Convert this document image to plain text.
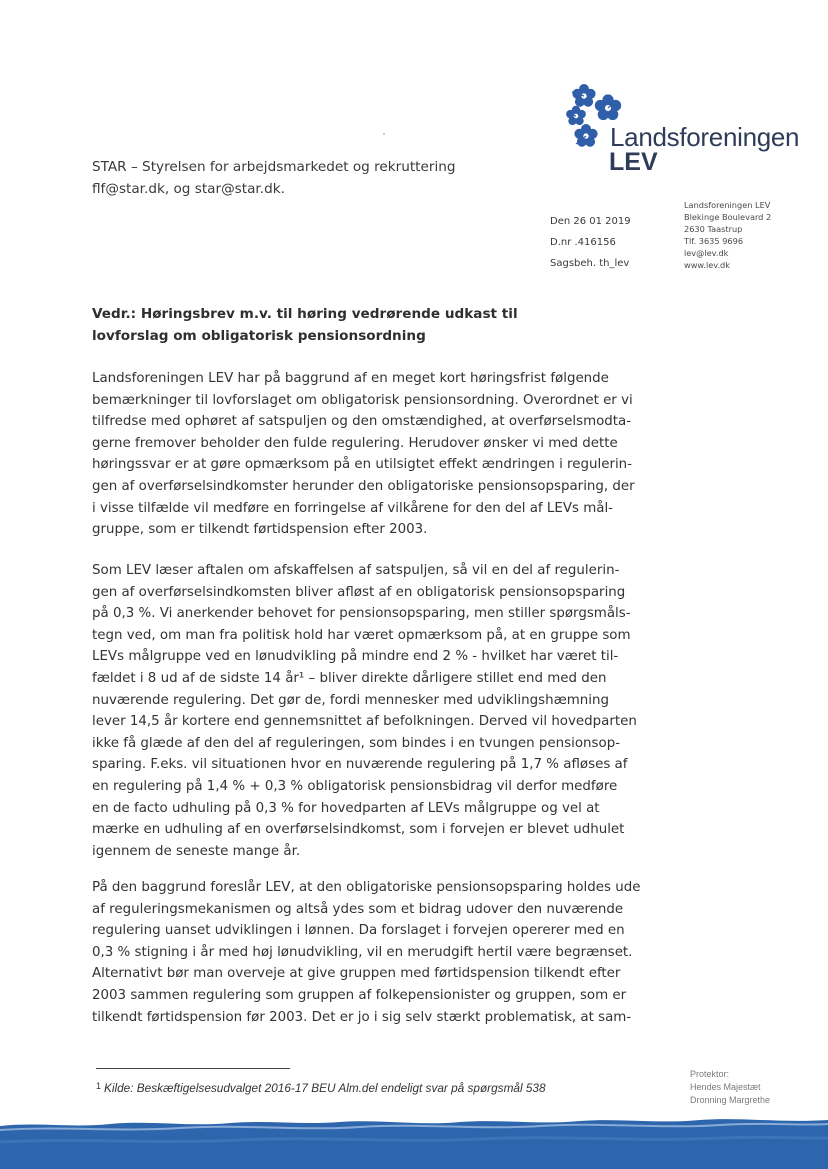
Landsforeningen
LEV
STAR – Styrelsen for arbejdsmarkedet og rekruttering
flf@star.dk, og star@star.dk.
Den 26 01 2019
D.nr .416156
Sagsbeh. th_lev
Landsforeningen LEV
Blekinge Boulevard 2
2630 Taastrup
Tlf. 3635 9696
lev@lev.dk
www.lev.dk
Vedr.: Høringsbrev m.v. til høring vedrørende udkast til
lovforslag om obligatorisk pensionsordning
Landsforeningen LEV har på baggrund af en meget kort høringsfrist følgende
bemærkninger til lovforslaget om obligatorisk pensionsordning. Overordnet er vi
tilfredse med ophøret af satspuljen og den omstændighed, at overførselsmodta-
gerne fremover beholder den fulde regulering. Herudover ønsker vi med dette
høringssvar er at gøre opmærksom på en utilsigtet effekt ændringen i regulerin-
gen af overførselsindkomster herunder den obligatoriske pensionsopsparing, der
i visse tilfælde vil medføre en forringelse af vilkårene for den del af LEVs mål-
gruppe, som er tilkendt førtidspension efter 2003.
Som LEV læser aftalen om afskaffelsen af satspuljen, så vil en del af regulerin-
gen af overførselsindkomsten bliver afløst af en obligatorisk pensionsopsparing
på 0,3 %. Vi anerkender behovet for pensionsopsparing, men stiller spørgsmåls-
tegn ved, om man fra politisk hold har været opmærksom på, at en gruppe som
LEVs målgruppe ved en lønudvikling på mindre end 2 % - hvilket har været til-
fældet i 8 ud af de sidste 14 år¹ – bliver direkte dårligere stillet end med den
nuværende regulering. Det gør de, fordi mennesker med udviklingshæmning
lever 14,5 år kortere end gennemsnittet af befolkningen. Derved vil hovedparten
ikke få glæde af den del af reguleringen, som bindes i en tvungen pensionsop-
sparing. F.eks. vil situationen hvor en nuværende regulering på 1,7 % afløses af
en regulering på 1,4 % + 0,3 % obligatorisk pensionsbidrag vil derfor medføre
en de facto udhuling på 0,3 % for hovedparten af LEVs målgruppe og vel at
mærke en udhuling af en overførselsindkomst, som i forvejen er blevet udhulet
igennem de seneste mange år.
På den baggrund foreslår LEV, at den obligatoriske pensionsopsparing holdes ude
af reguleringsmekanismen og altså ydes som et bidrag udover den nuværende
regulering uanset udviklingen i lønnen. Da forslaget i forvejen opererer med en
0,3 % stigning i år med høj lønudvikling, vil en merudgift hertil være begrænset.
Alternativt bør man overveje at give gruppen med førtidspension tilkendt efter
2003 sammen regulering som gruppen af folkepensionister og gruppen, som er
tilkendt førtidspension før 2003. Det er jo i sig selv stærkt problematisk, at sam-
$^1$ Kilde: Beskæftigelsesudvalget 2016-17 BEU Alm.del endeligt svar på spørgsmål 538
Protektor:
Hendes Majestæt
Dronning Margrethe
